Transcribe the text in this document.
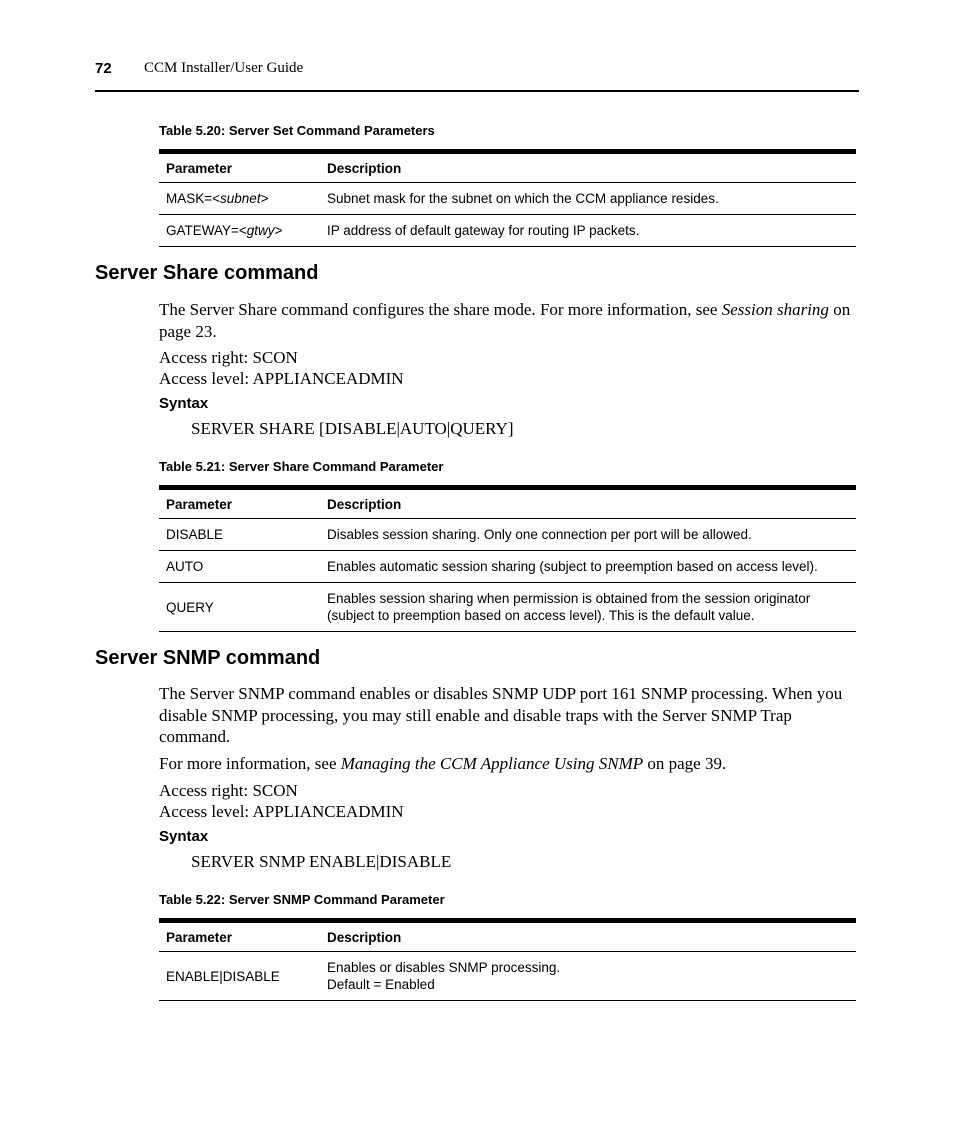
72 CCM Installer/User Guide
Table 5.20: Server Set Command Parameters
Parameter	Description
MASK=<subnet>	Subnet mask for the subnet on which the CCM appliance resides.
GATEWAY=<gtwy>	IP address of default gateway for routing IP packets.
Server Share command

The Server Share command configures the share mode. For more information, see Session sharing on page 23.

Access right: SCON

Access level: APPLIANCEADMIN

Syntax
SERVER SHARE [DISABLE|AUTO|QUERY]
Table 5.21: Server Share Command Parameter
Parameter	Description
DISABLE	Disables session sharing. Only one connection per port will be allowed.
AUTO	Enables automatic session sharing (subject to preemption based on access level).
QUERY	Enables session sharing when permission is obtained from the session originator
(subject to preemption based on access level). This is the default value.
Server SNMP command

The Server SNMP command enables or disables SNMP UDP port 161 SNMP processing. When you disable SNMP processing, you may still enable and disable traps with the Server SNMP Trap command.

For more information, see Managing the CCM Appliance Using SNMP on page 39.

Access right: SCON

Access level: APPLIANCEADMIN

Syntax
SERVER SNMP ENABLE|DISABLE
Table 5.22: Server SNMP Command Parameter
Parameter	Description
ENABLE|DISABLE	Enables or disables SNMP processing.
Default = Enabled
